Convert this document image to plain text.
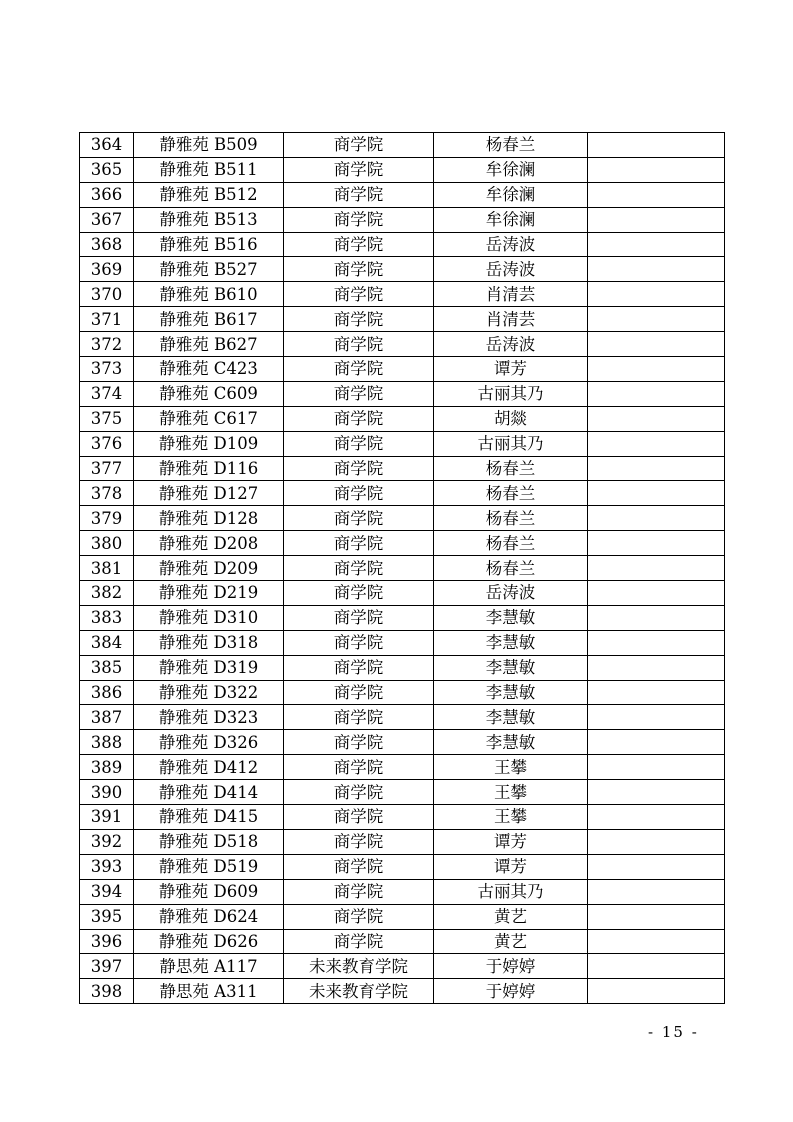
364	静雅苑 B509	商学院	杨春兰	
365	静雅苑 B511	商学院	牟徐澜	
366	静雅苑 B512	商学院	牟徐澜	
367	静雅苑 B513	商学院	牟徐澜	
368	静雅苑 B516	商学院	岳涛波	
369	静雅苑 B527	商学院	岳涛波	
370	静雅苑 B610	商学院	肖清芸	
371	静雅苑 B617	商学院	肖清芸	
372	静雅苑 B627	商学院	岳涛波	
373	静雅苑 C423	商学院	谭芳	
374	静雅苑 C609	商学院	古丽其乃	
375	静雅苑 C617	商学院	胡燚	
376	静雅苑 D109	商学院	古丽其乃	
377	静雅苑 D116	商学院	杨春兰	
378	静雅苑 D127	商学院	杨春兰	
379	静雅苑 D128	商学院	杨春兰	
380	静雅苑 D208	商学院	杨春兰	
381	静雅苑 D209	商学院	杨春兰	
382	静雅苑 D219	商学院	岳涛波	
383	静雅苑 D310	商学院	李慧敏	
384	静雅苑 D318	商学院	李慧敏	
385	静雅苑 D319	商学院	李慧敏	
386	静雅苑 D322	商学院	李慧敏	
387	静雅苑 D323	商学院	李慧敏	
388	静雅苑 D326	商学院	李慧敏	
389	静雅苑 D412	商学院	王攀	
390	静雅苑 D414	商学院	王攀	
391	静雅苑 D415	商学院	王攀	
392	静雅苑 D518	商学院	谭芳	
393	静雅苑 D519	商学院	谭芳	
394	静雅苑 D609	商学院	古丽其乃	
395	静雅苑 D624	商学院	黄艺	
396	静雅苑 D626	商学院	黄艺	
397	静思苑 A117	未来教育学院	于婷婷	
398	静思苑 A311	未来教育学院	于婷婷	
- 15 -
